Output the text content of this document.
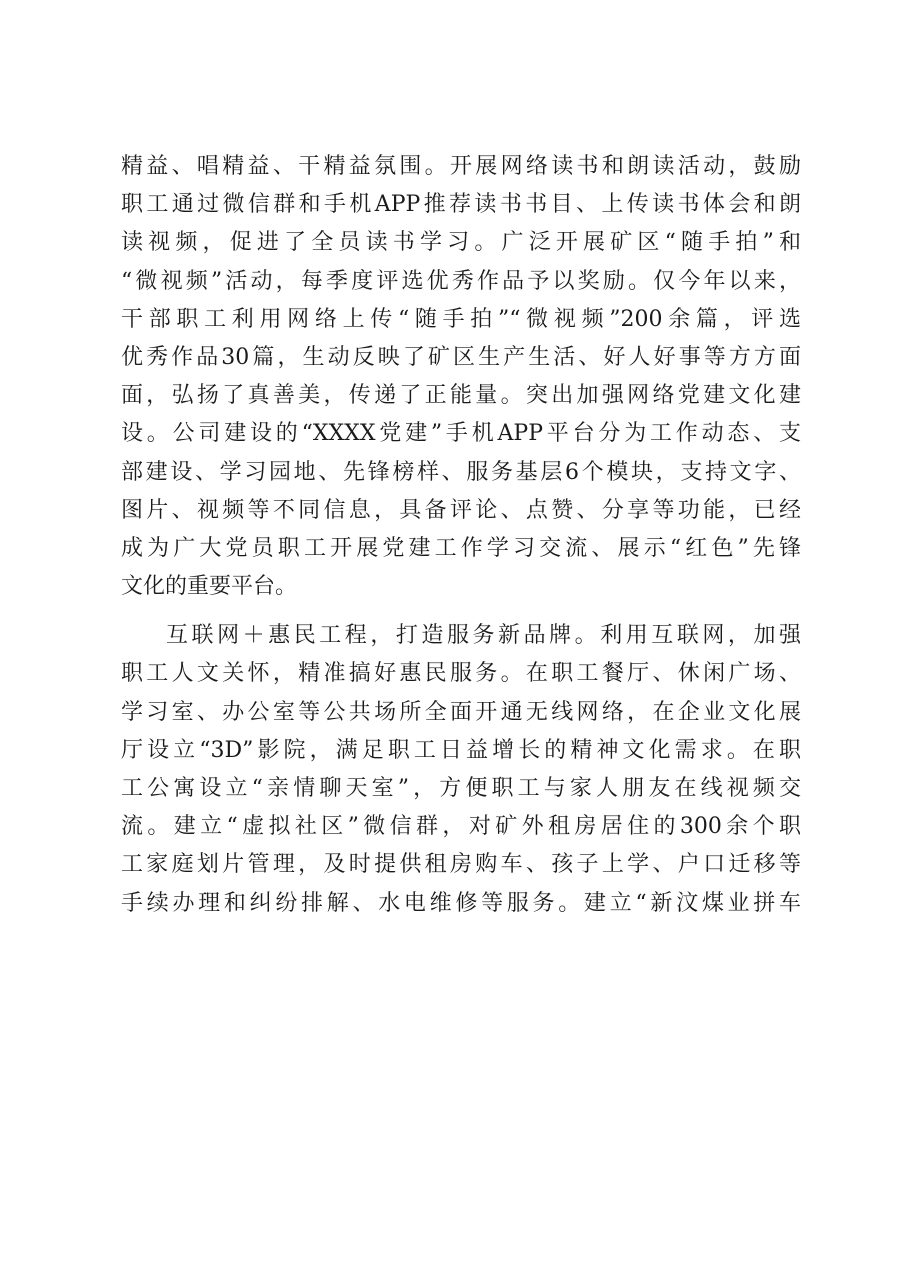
精益、唱精益、干精益氛围。开展网络读书和朗读活动，鼓励
职工通过微信群和手机APP推荐读书书目、上传读书体会和朗
读视频，促进了全员读书学习。广泛开展矿区“随手拍”和
“微视频”活动，每季度评选优秀作品予以奖励。仅今年以来，
干部职工利用网络上传“随手拍”“微视频”200余篇，评选
优秀作品30篇，生动反映了矿区生产生活、好人好事等方方面
面，弘扬了真善美，传递了正能量。突出加强网络党建文化建
设。公司建设的“XXXX党建”手机APP平台分为工作动态、支
部建设、学习园地、先锋榜样、服务基层6个模块，支持文字、
图片、视频等不同信息，具备评论、点赞、分享等功能，已经
成为广大党员职工开展党建工作学习交流、展示“红色”先锋
文化的重要平台。
互联网＋惠民工程，打造服务新品牌。利用互联网，加强
职工人文关怀，精准搞好惠民服务。在职工餐厅、休闲广场、
学习室、办公室等公共场所全面开通无线网络，在企业文化展
厅设立“3D”影院，满足职工日益增长的精神文化需求。在职
工公寓设立“亲情聊天室”，方便职工与家人朋友在线视频交
流。建立“虚拟社区”微信群，对矿外租房居住的300余个职
工家庭划片管理，及时提供租房购车、孩子上学、户口迁移等
手续办理和纠纷排解、水电维修等服务。建立“新汶煤业拼车
